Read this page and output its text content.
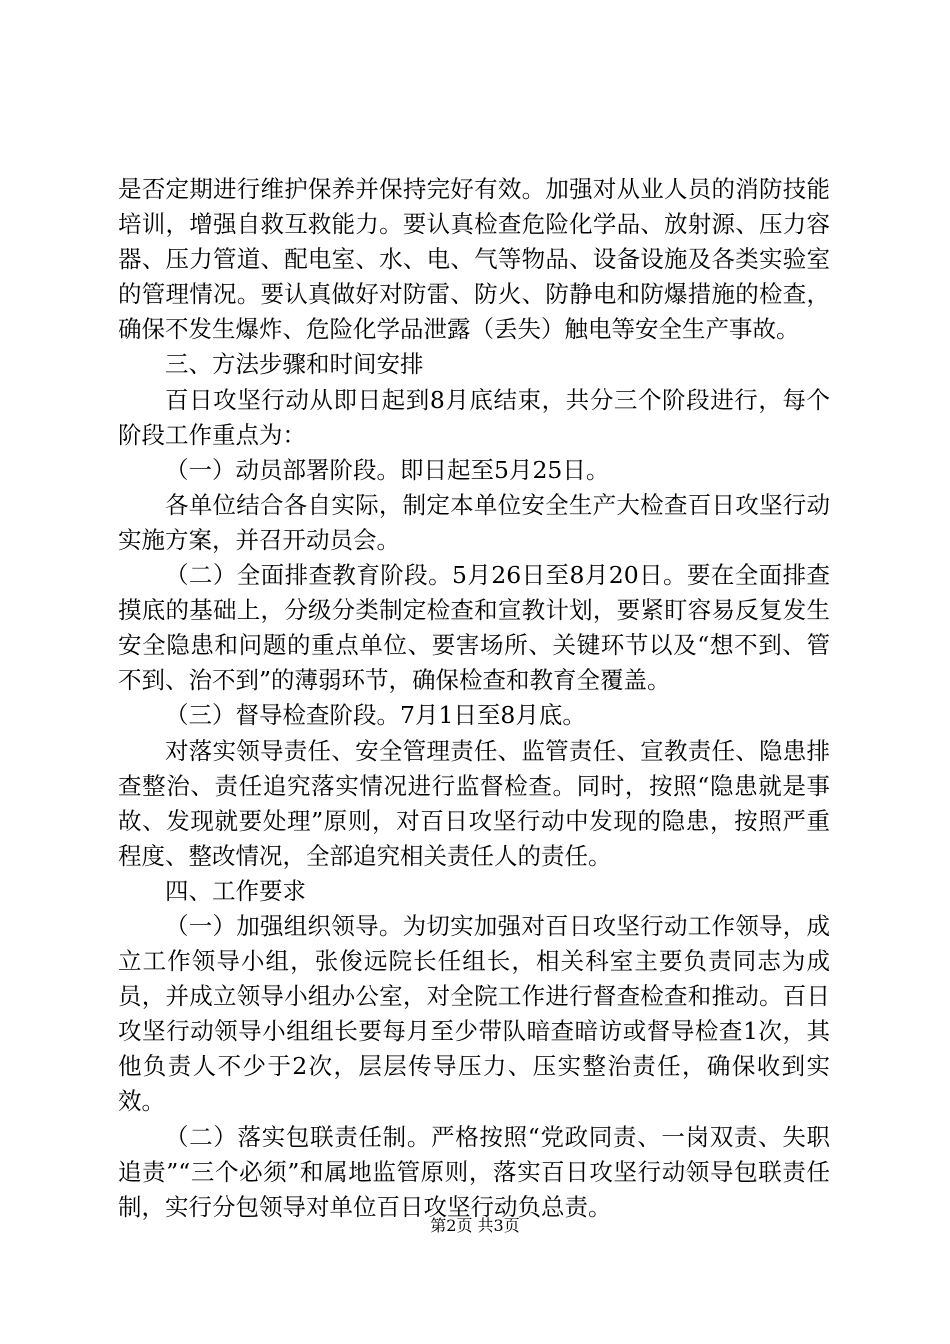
是否定期进行维护保养并保持完好有效。加强对从业人员的消防技能培训，增强自救互救能力。要认真检查危险化学品、放射源、压力容器、压力管道、配电室、水、电、气等物品、设备设施及各类实验室的管理情况。要认真做好对防雷、防火、防静电和防爆措施的检查，确保不发生爆炸、危险化学品泄露（丢失）触电等安全生产事故。

三、方法步骤和时间安排

百日攻坚行动从即日起到8月底结束，共分三个阶段进行，每个阶段工作重点为：

（一）动员部署阶段。即日起至5月25日。

各单位结合各自实际，制定本单位安全生产大检查百日攻坚行动实施方案，并召开动员会。

（二）全面排查教育阶段。5月26日至8月20日。要在全面排查摸底的基础上，分级分类制定检查和宣教计划，要紧盯容易反复发生安全隐患和问题的重点单位、要害场所、关键环节以及“想不到、管不到、治不到”的薄弱环节，确保检查和教育全覆盖。

（三）督导检查阶段。7月1日至8月底。

对落实领导责任、安全管理责任、监管责任、宣教责任、隐患排查整治、责任追究落实情况进行监督检查。同时，按照“隐患就是事故、发现就要处理”原则，对百日攻坚行动中发现的隐患，按照严重程度、整改情况，全部追究相关责任人的责任。

四、工作要求

（一）加强组织领导。为切实加强对百日攻坚行动工作领导，成立工作领导小组，张俊远院长任组长，相关科室主要负责同志为成员，并成立领导小组办公室，对全院工作进行督查检查和推动。百日攻坚行动领导小组组长要每月至少带队暗查暗访或督导检查1次，其他负责人不少于2次，层层传导压力、压实整治责任，确保收到实效。

（二）落实包联责任制。严格按照“党政同责、一岗双责、失职追责”“三个必须”和属地监管原则，落实百日攻坚行动领导包联责任制，实行分包领导对单位百日攻坚行动负总责。

第2页 共3页
